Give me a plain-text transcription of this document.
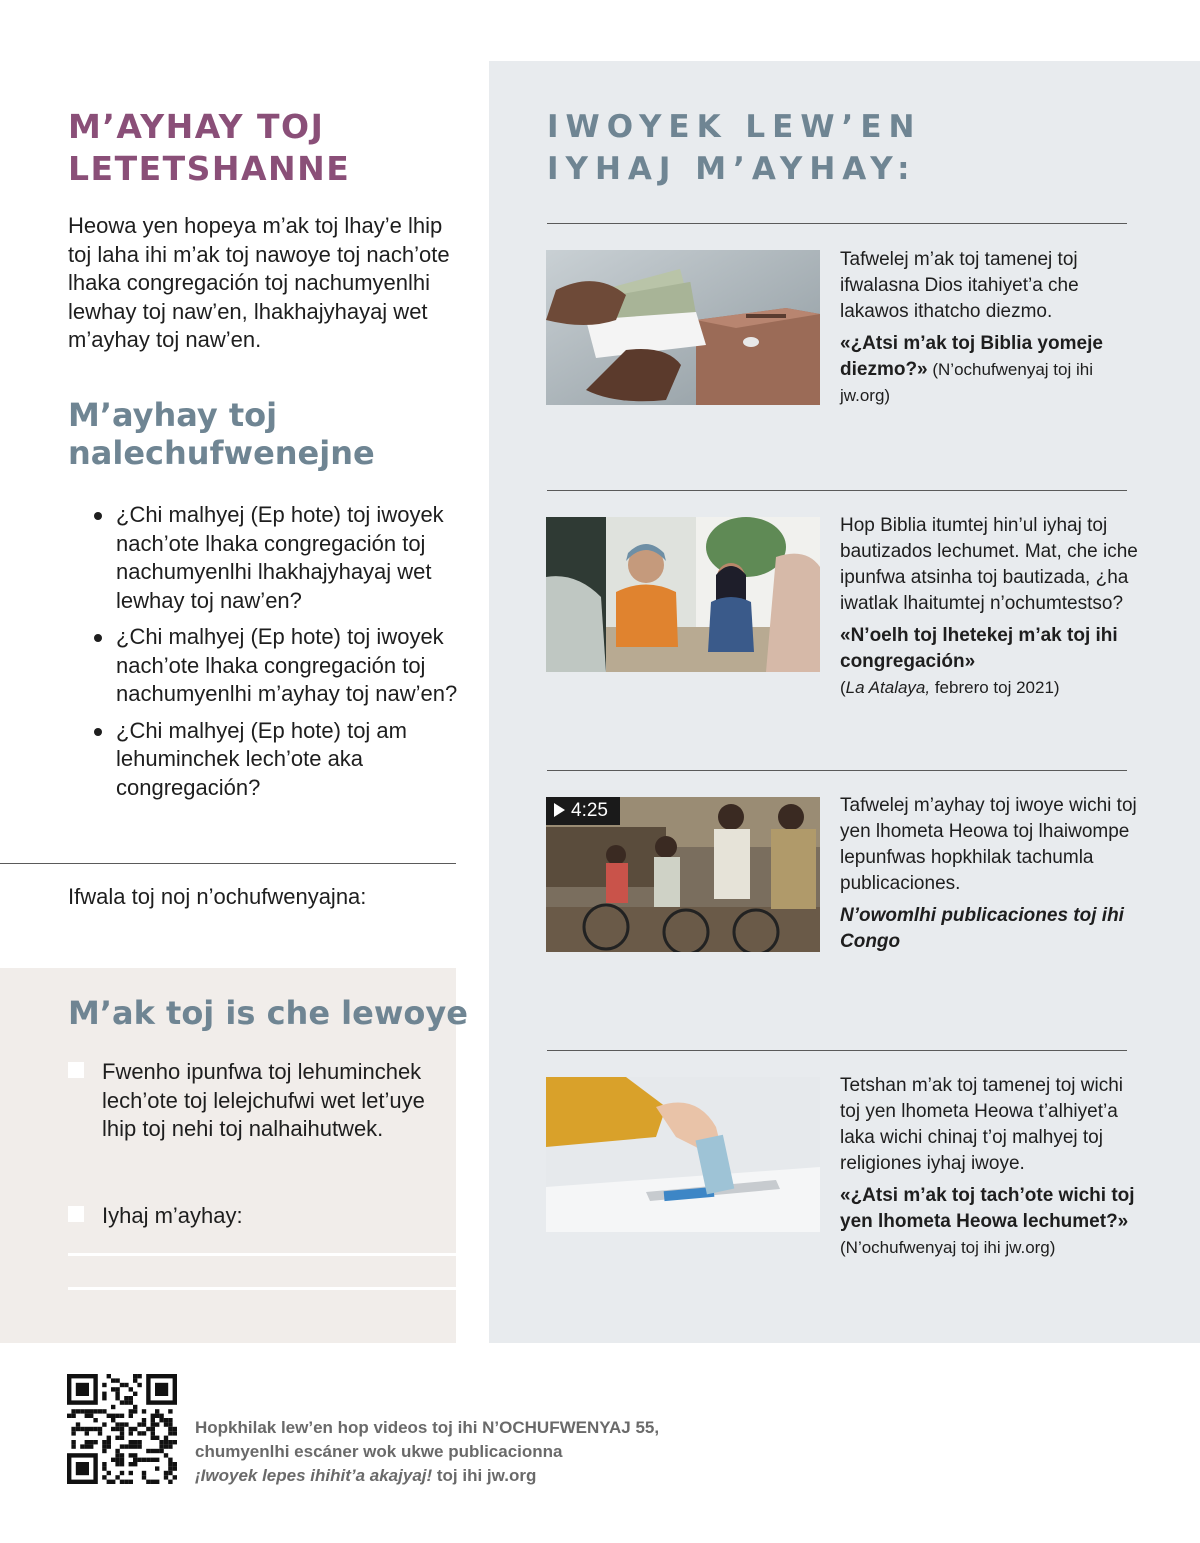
M’AYHAY TOJ
LETETSHANNE

Heowa yen hopeya m’ak toj lhay’e lhip toj laha ihi m’ak toj nawoye toj nach’ote lhaka congregación toj nachumyenlhi lewhay toj naw’en, lhakhajyhayaj wet m’ayhay toj naw’en.

M’ayhay toj
nalechufwenejne
¿Chi malhyej (Ep hote) toj iwoyek nach’ote lhaka congregación toj nachumyenlhi lhakhajyhayaj wet lewhay toj naw’en?
¿Chi malhyej (Ep hote) toj iwoyek nach’ote lhaka congregación toj nachumyenlhi m’ayhay toj naw’en?
¿Chi malhyej (Ep hote) toj am lehuminchek lech’ote aka congregación?

Ifwala toj noj n’ochufwenyajna:

M’ak toj is che lewoye

Fwenho ipunfwa toj lehuminchek lech’ote toj lelejchufwi wet let’uye lhip toj nehi toj nalhaihutwek.

Iyhaj m’ayhay:

IWOYEK LEW’EN
IYHAJ M’AYHAY:

Tafwelej m’ak toj tamenej toj ifwalasna Dios itahiyet’a che lakawos ithatcho diezmo.

«¿Atsi m’ak toj Biblia yomeje diezmo?» (N’ochufwenyaj toj ihi jw.org)

Hop Biblia itumtej hin’ul iyhaj toj bautizados lechumet. Mat, che iche ipunfwa atsinha toj bautizada, ¿ha iwatlak lhaitumtej n’ochumtestso?

«N’oelh toj lhetekej m’ak toj ihi congregación»
(La Atalaya, febrero toj 2021)

4:25	Tafwelej m’ayhay toj iwoye wichi toj yen lhometa Heowa toj lhaiwompe lepunfwas hopkhilak tachumla publicaciones.

N’owomlhi publicaciones toj ihi Congo

Tetshan m’ak toj tamenej toj wichi toj yen lhometa Heowa t’alhiyet’a laka wichi chinaj t’oj malhyej toj religiones iyhaj iwoye.

«¿Atsi m’ak toj tach’ote wichi toj yen lhometa Heowa lechumet?» (N’ochufwenyaj toj ihi jw.org)

Hopkhilak lew’en hop videos toj ihi N’OCHUFWENYAJ 55,
chumyenlhi escáner wok ukwe publicacionna
¡Iwoyek lepes ihihit’a akajyaj! toj ihi jw.org
